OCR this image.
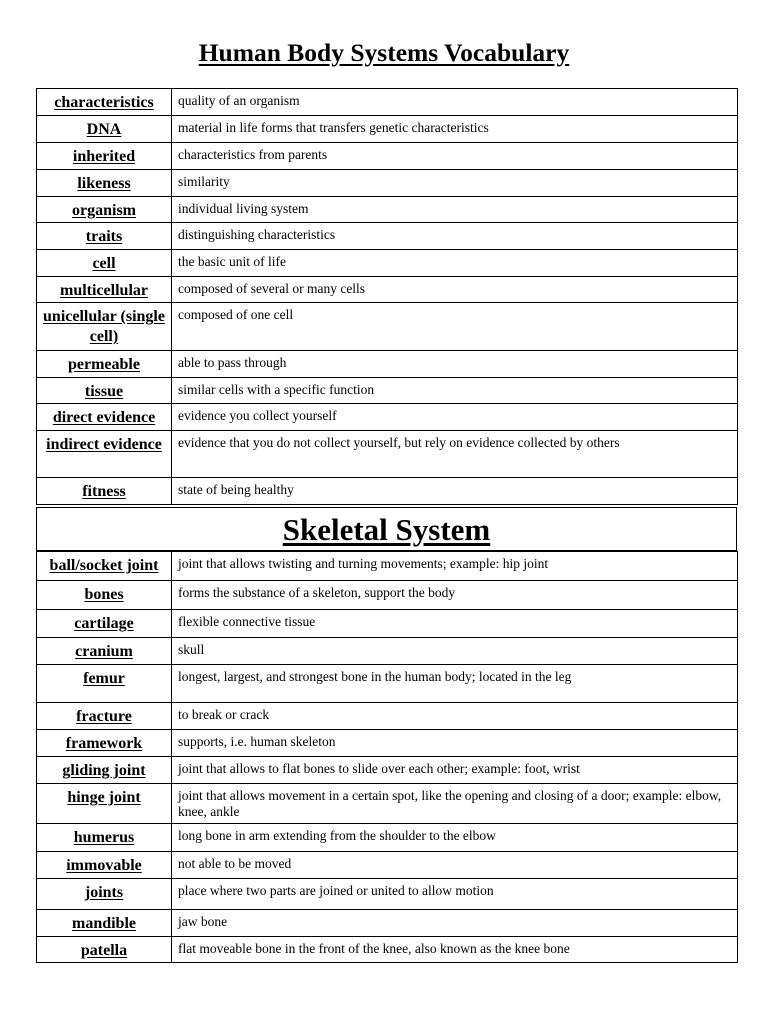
Human Body Systems Vocabulary
characteristics	quality of an organism
DNA	material in life forms that transfers genetic characteristics
inherited	characteristics from parents
likeness	similarity
organism	individual living system
traits	distinguishing characteristics
cell	the basic unit of life
multicellular	composed of several or many cells
unicellular (single cell)	composed of one cell
permeable	able to pass through
tissue	similar cells with a specific function
direct evidence	evidence you collect yourself
indirect evidence	evidence that you do not collect yourself, but rely on evidence collected by others
fitness	state of being healthy
Skeletal System
ball/socket joint	joint that allows twisting and turning movements; example: hip joint
bones	forms the substance of a skeleton, support the body
cartilage	flexible connective tissue
cranium	skull
femur	longest, largest, and strongest bone in the human body; located in the leg
fracture	to break or crack
framework	supports, i.e. human skeleton
gliding joint	joint that allows to flat bones to slide over each other; example: foot, wrist
hinge joint	joint that allows movement in a certain spot, like the opening and closing of a door; example: elbow, knee, ankle
humerus	long bone in arm extending from the shoulder to the elbow
immovable	not able to be moved
joints	place where two parts are joined or united to allow motion
mandible	jaw bone
patella	flat moveable bone in the front of the knee, also known as the knee bone
